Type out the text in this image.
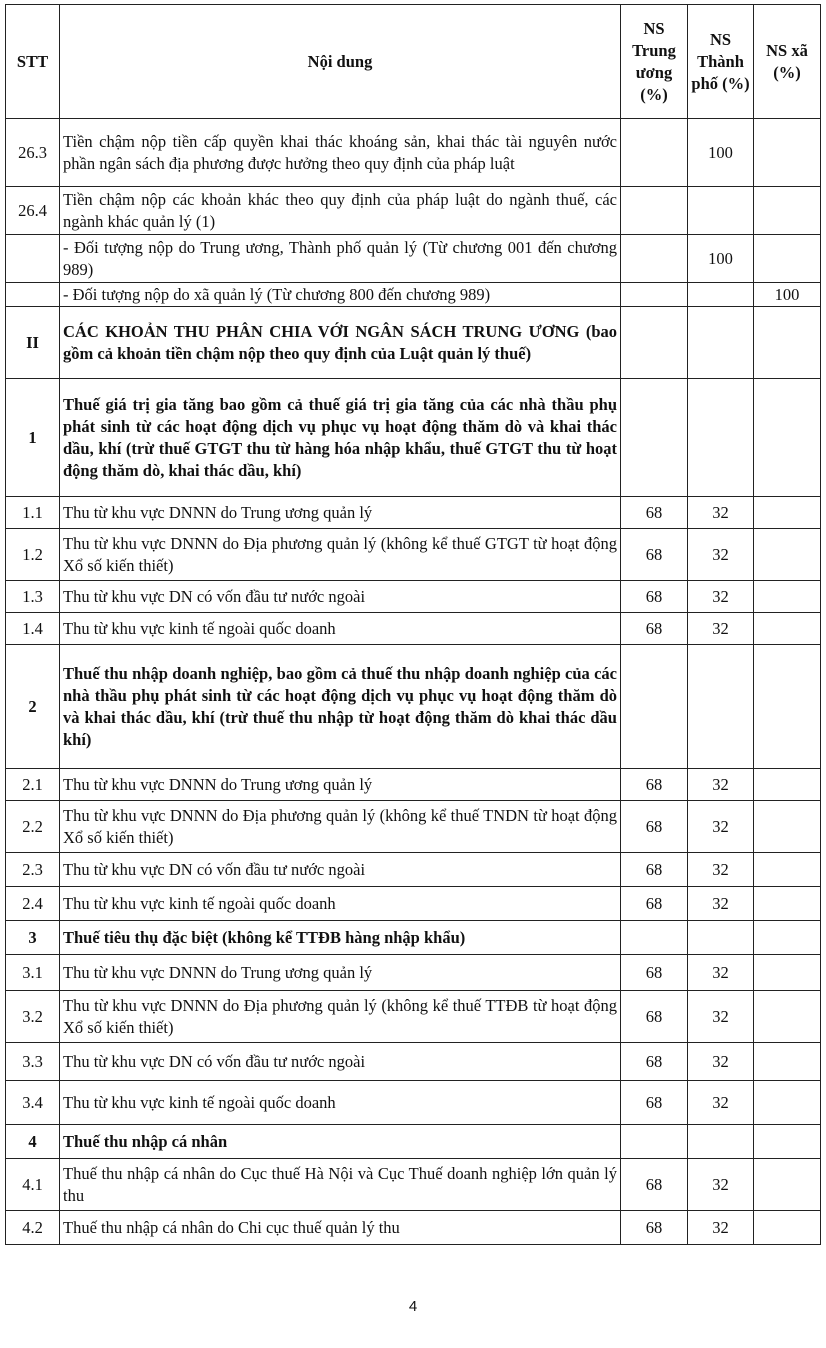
STT	Nội dung	NS Trung ương (%)	NS Thành phố (%)	NS xã (%)
26.3	Tiền chậm nộp tiền cấp quyền khai thác khoáng sản, khai thác tài nguyên nước phần ngân sách địa phương được hưởng theo quy định của pháp luật		100	
26.4	Tiền chậm nộp các khoản khác theo quy định của pháp luật do ngành thuế, các ngành khác quản lý (1)			
	- Đối tượng nộp do Trung ương, Thành phố quản lý (Từ chương 001 đến chương 989)		100	
	- Đối tượng nộp do xã quản lý (Từ chương 800 đến chương 989)			100
II	CÁC KHOẢN THU PHÂN CHIA VỚI NGÂN SÁCH TRUNG ƯƠNG (bao gồm cả khoản tiền chậm nộp theo quy định của Luật quản lý thuế)			
1	Thuế giá trị gia tăng bao gồm cả thuế giá trị gia tăng của các nhà thầu phụ phát sinh từ các hoạt động dịch vụ phục vụ hoạt động thăm dò và khai thác dầu, khí (trừ thuế GTGT thu từ hàng hóa nhập khẩu, thuế GTGT thu từ hoạt động thăm dò, khai thác dầu, khí)			
1.1	Thu từ khu vực DNNN do Trung ương quản lý	68	32	
1.2	Thu từ khu vực DNNN do Địa phương quản lý (không kể thuế GTGT từ hoạt động Xổ số kiến thiết)	68	32	
1.3	Thu từ khu vực DN có vốn đầu tư nước ngoài	68	32	
1.4	Thu từ khu vực kinh tế ngoài quốc doanh	68	32	
2	Thuế thu nhập doanh nghiệp, bao gồm cả thuế thu nhập doanh nghiệp của các nhà thầu phụ phát sinh từ các hoạt động dịch vụ phục vụ hoạt động thăm dò và khai thác dầu, khí (trừ thuế thu nhập từ hoạt động thăm dò khai thác dầu khí)			
2.1	Thu từ khu vực DNNN do Trung ương quản lý	68	32	
2.2	Thu từ khu vực DNNN do Địa phương quản lý (không kể thuế TNDN từ hoạt động Xổ số kiến thiết)	68	32	
2.3	Thu từ khu vực DN có vốn đầu tư nước ngoài	68	32	
2.4	Thu từ khu vực kinh tế ngoài quốc doanh	68	32	
3	Thuế tiêu thụ đặc biệt (không kể TTĐB hàng nhập khẩu)			
3.1	Thu từ khu vực DNNN do Trung ương quản lý	68	32	
3.2	Thu từ khu vực DNNN do Địa phương quản lý (không kể thuế TTĐB từ hoạt động Xổ số kiến thiết)	68	32	
3.3	Thu từ khu vực DN có vốn đầu tư nước ngoài	68	32	
3.4	Thu từ khu vực kinh tế ngoài quốc doanh	68	32	
4	Thuế thu nhập cá nhân			
4.1	Thuế thu nhập cá nhân do Cục thuế Hà Nội và Cục Thuế doanh nghiệp lớn quản lý thu	68	32	
4.2	Thuế thu nhập cá nhân do Chi cục thuế quản lý thu	68	32	
4
